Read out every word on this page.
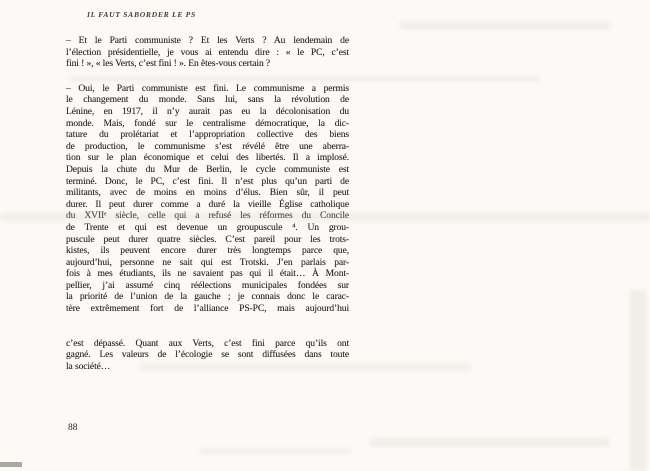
IL FAUT SABORDER LE PS
– Et le Parti communiste ? Et les Verts ? Au lendemain de
l’élection présidentielle, je vous ai entendu dire : « le PC, c’est
fini ! », « les Verts, c’est fini ! ». En êtes-vous certain ?
– Oui, le Parti communiste est fini. Le communisme a permis
le changement du monde. Sans lui, sans la révolution de
Lénine, en 1917, il n’y aurait pas eu la décolonisation du
monde. Mais, fondé sur le centralisme démocratique, la dic-
tature du prolétariat et l’appropriation collective des biens
de production, le communisme s’est révélé être une aberra-
tion sur le plan économique et celui des libertés. Il a implosé.
Depuis la chute du Mur de Berlin, le cycle communiste est
terminé. Donc, le PC, c’est fini. Il n’est plus qu’un parti de
militants, avec de moins en moins d’élus. Bien sûr, il peut
durer. Il peut durer comme a duré la vieille Église catholique
du XVIIᵉ siècle, celle qui a refusé les réformes du Concile
de Trente et qui est devenue un groupuscule ⁴. Un grou-
puscule peut durer quatre siècles. C’est pareil pour les trots-
kistes, ils peuvent encore durer très longtemps parce que,
aujourd’hui, personne ne sait qui est Trotski. J’en parlais par-
fois à mes étudiants, ils ne savaient pas qui il était… À Mont-
pellier, j’ai assumé cinq réélections municipales fondées sur
la priorité de l’union de la gauche ; je connais donc le carac-
tère extrêmement fort de l’alliance PS-PC, mais aujourd’hui
c’est dépassé. Quant aux Verts, c’est fini parce qu’ils ont
gagné. Les valeurs de l’écologie se sont diffusées dans toute
la société…
88
